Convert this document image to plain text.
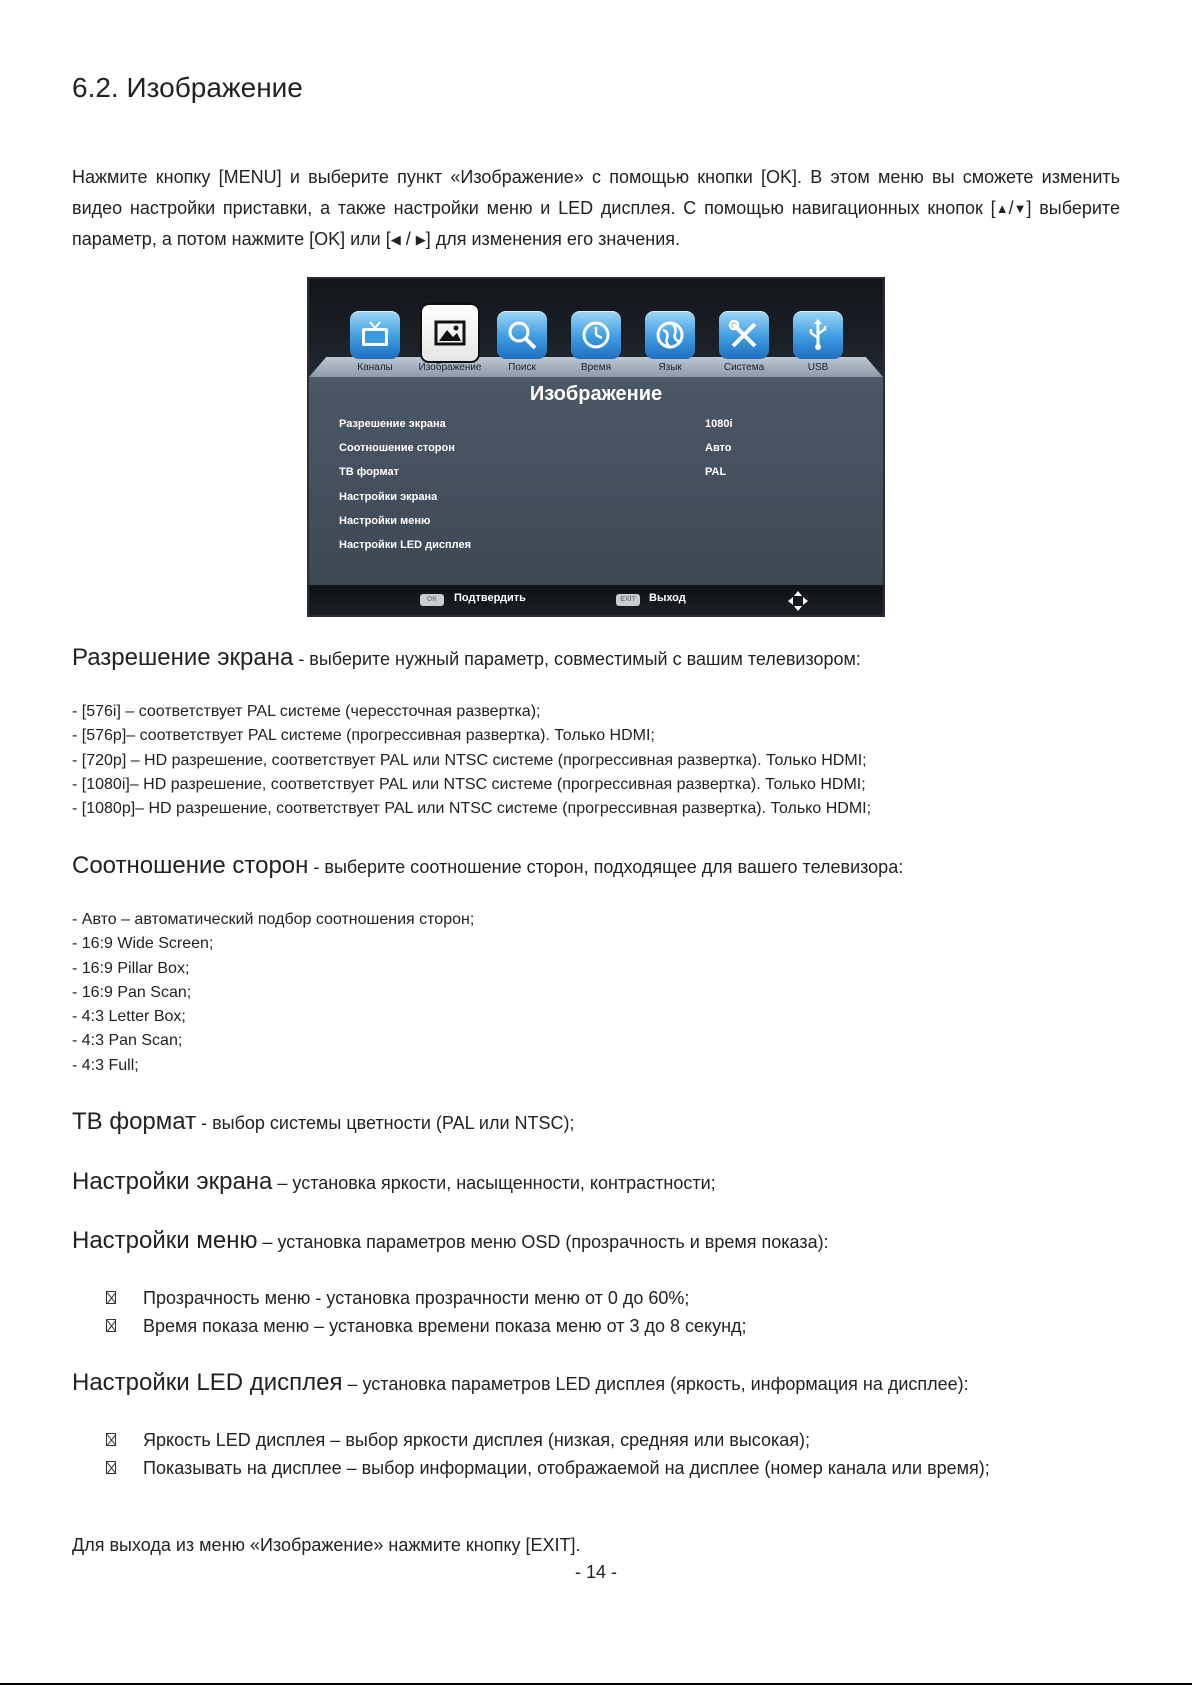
6.2. Изображение
Нажмите кнопку [MENU] и выберите пункт «Изображение» с помощью кнопки [OK]. В этом меню вы сможете изменить видео настройки приставки, а также настройки меню и LED дисплея. С помощью навигационных кнопок [▲/▼] выберите параметр, а потом нажмите [OK] или [◀ / ▶] для изменения его значения.
Каналы	Изображение	Поиск	Время	Язык	Система	USB
Изображение
Разрешение экрана	1080i
Соотношение сторон	Авто
ТВ формат	PAL
Настройки экрана
Настройки меню
Настройки LED дисплея
OK	Подтвердить	EXIT	Выход
Разрешение экрана - выберите нужный параметр, совместимый с вашим телевизором:
- [576i] – соответствует PAL системе (черессточная развертка);
- [576p]– соответствует PAL системе (прогрессивная развертка). Только HDMI;
- [720p] – HD разрешение, соответствует PAL или NTSC системе (прогрессивная развертка). Только HDMI;
- [1080i]– HD разрешение, соответствует PAL или NTSC системе (прогрессивная развертка). Только HDMI;
- [1080p]– HD разрешение, соответствует PAL или NTSC системе (прогрессивная развертка). Только HDMI;
Соотношение сторон - выберите соотношение сторон, подходящее для вашего телевизора:
- Авто – автоматический подбор соотношения сторон;
- 16:9 Wide Screen;
- 16:9 Pillar Box;
- 16:9 Pan Scan;
- 4:3 Letter Box;
- 4:3 Pan Scan;
- 4:3 Full;
ТВ формат - выбор системы цветности (PAL или NTSC);
Настройки экрана – установка яркости, насыщенности, контрастности;
Настройки меню – установка параметров меню OSD (прозрачность и время показа):
Прозрачность меню - установка прозрачности меню от 0 до 60%;
Время показа меню – установка времени показа меню от 3 до 8 секунд;
Настройки LED дисплея – установка параметров LED дисплея (яркость, информация на дисплее):
Яркость LED дисплея – выбор яркости дисплея (низкая, средняя или высокая);
Показывать на дисплее – выбор информации, отображаемой на дисплее (номер канала или время);
Для выхода из меню «Изображение» нажмите кнопку [EXIT].
- 14 -
